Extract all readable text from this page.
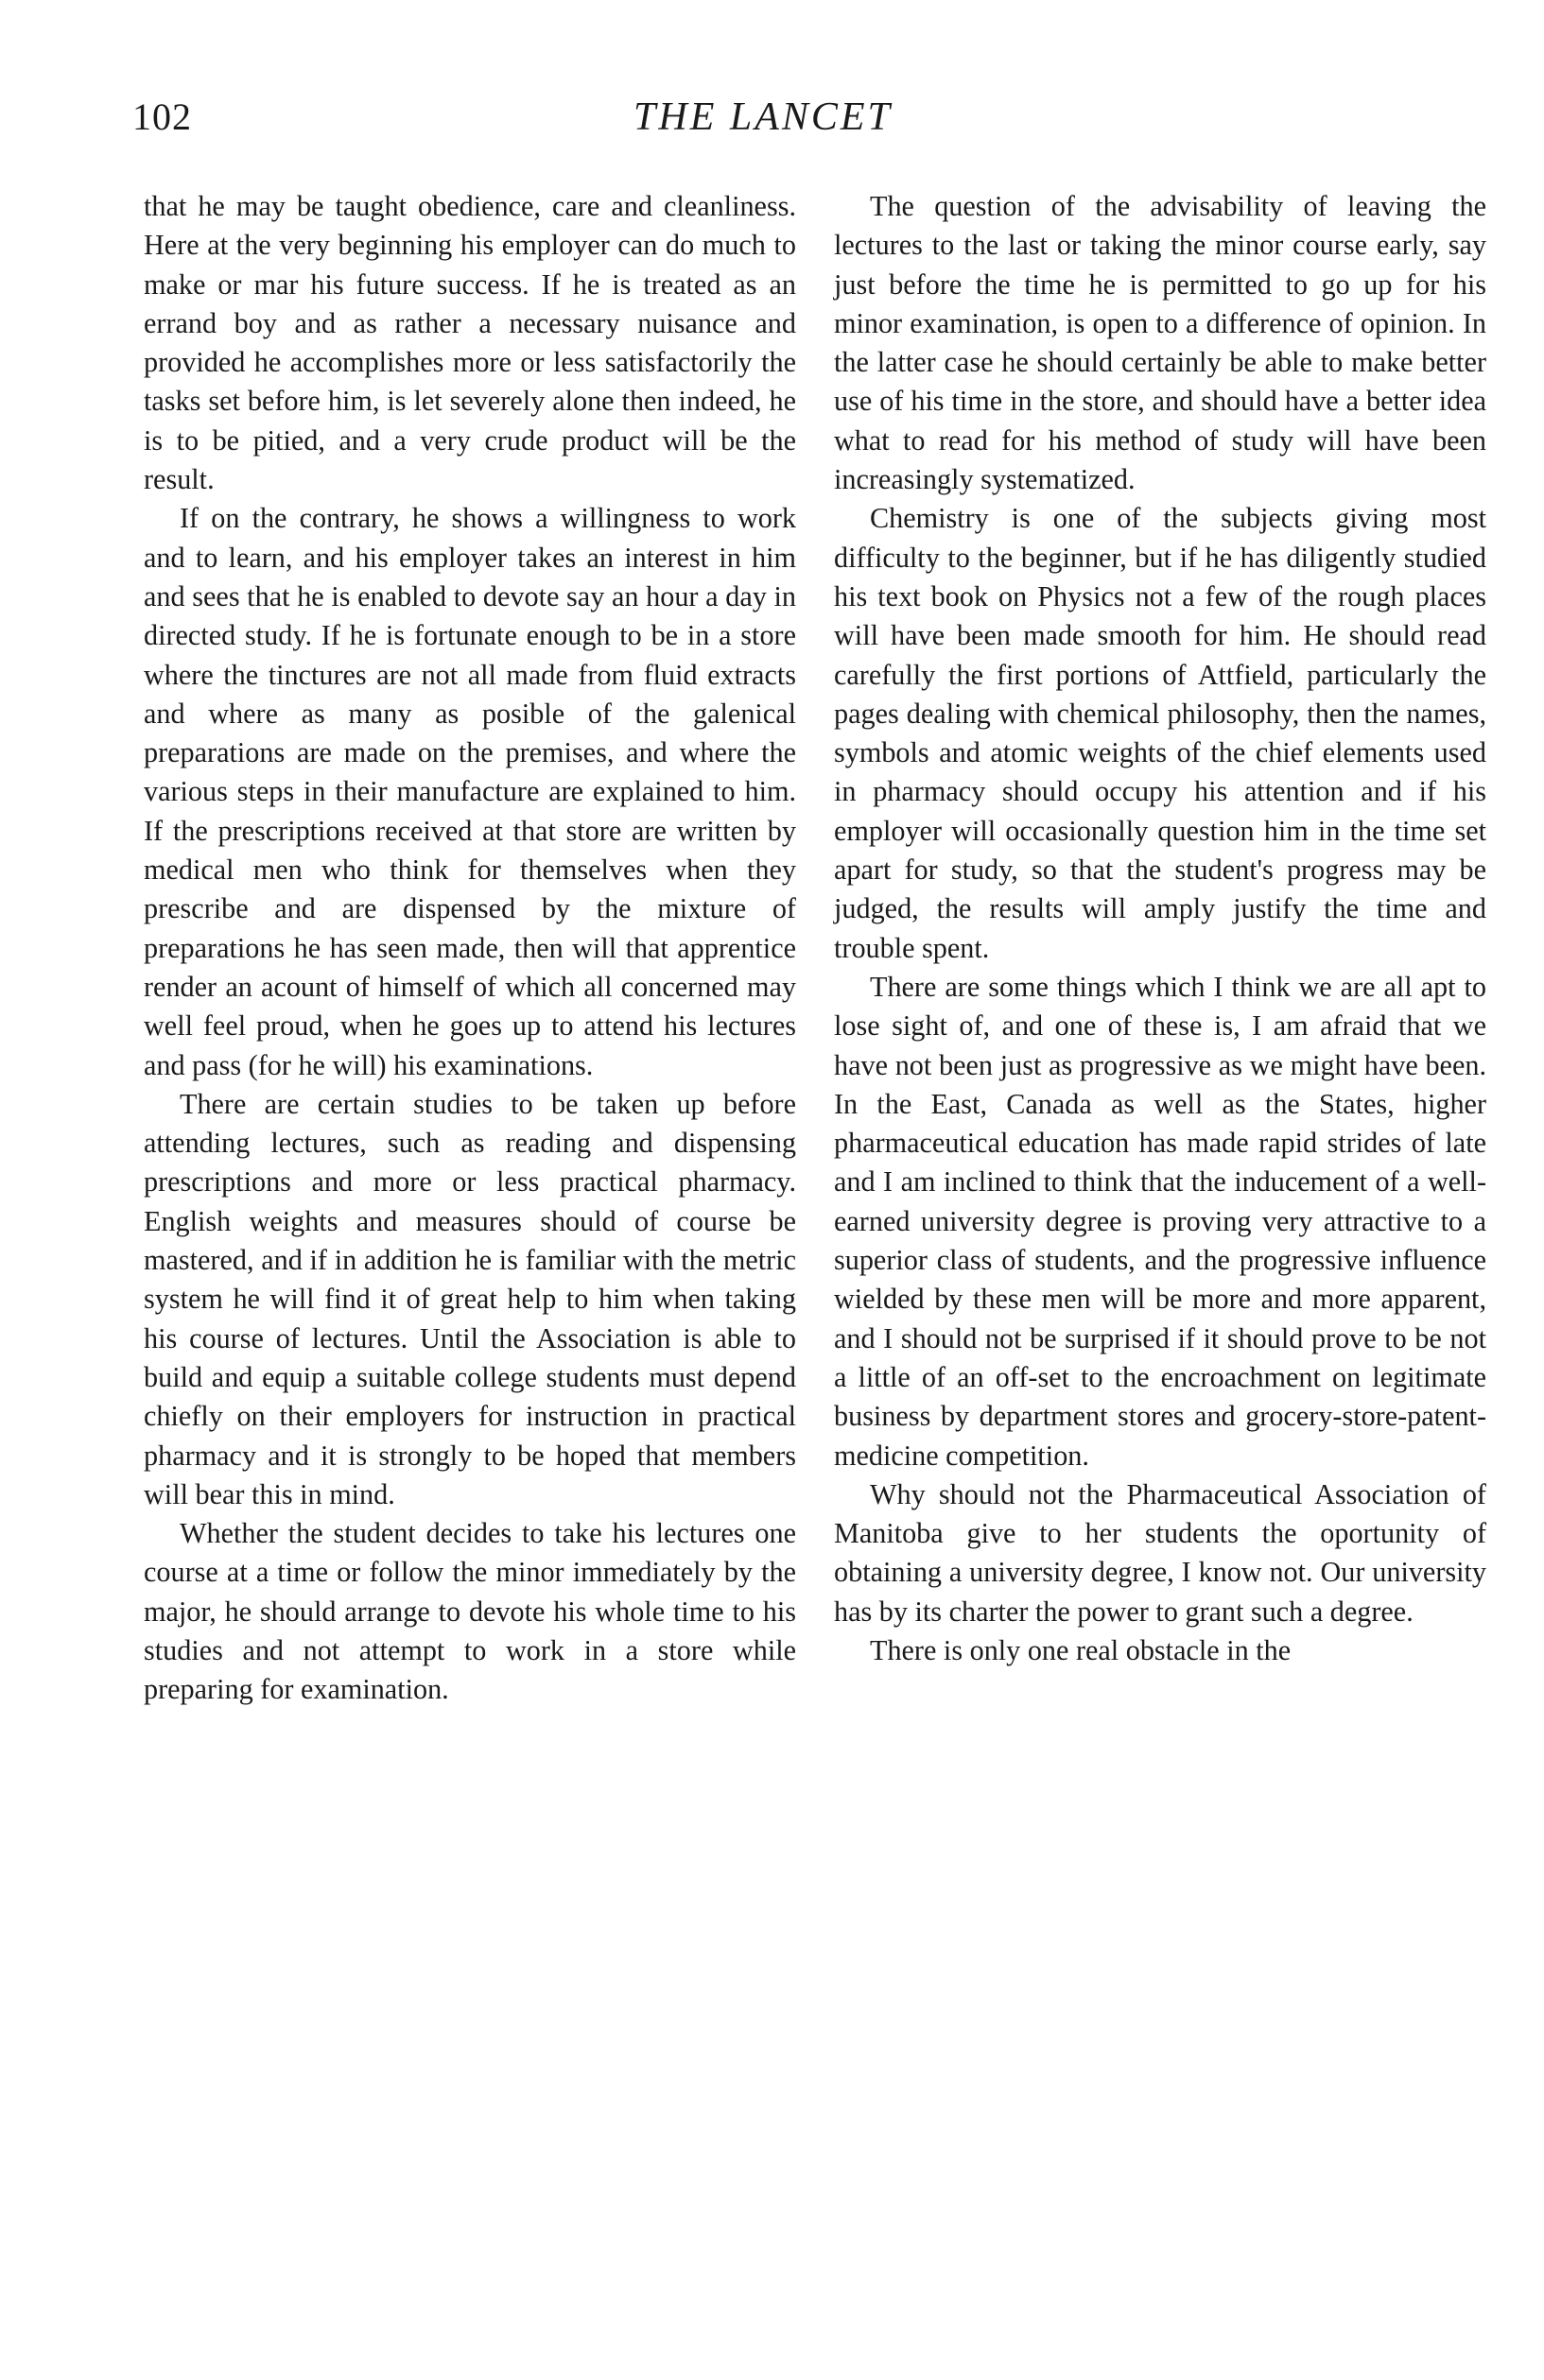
102	THE LANCET

that he may be taught obedience, care and cleanliness. Here at the very beginning his employer can do much to make or mar his future success. If he is treated as an errand boy and as rather a necessary nuisance and provided he accomplishes more or less satisfactorily the tasks set before him, is let severely alone then indeed, he is to be pitied, and a very crude product will be the result.

If on the contrary, he shows a willingness to work and to learn, and his employer takes an interest in him and sees that he is enabled to devote say an hour a day in directed study. If he is fortunate enough to be in a store where the tinctures are not all made from fluid extracts and where as many as posible of the galenical preparations are made on the premises, and where the various steps in their manufacture are explained to him. If the prescriptions received at that store are written by medical men who think for themselves when they prescribe and are dispensed by the mixture of preparations he has seen made, then will that apprentice render an acount of himself of which all concerned may well feel proud, when he goes up to attend his lectures and pass (for he will) his examinations.

There are certain studies to be taken up before attending lectures, such as reading and dispensing prescriptions and more or less practical pharmacy. English weights and measures should of course be mastered, and if in addition he is familiar with the metric system he will find it of great help to him when taking his course of lectures. Until the Association is able to build and equip a suitable college students must depend chiefly on their employers for instruction in practical pharmacy and it is strongly to be hoped that members will bear this in mind.

Whether the student decides to take his lectures one course at a time or follow the minor immediately by the major, he should arrange to devote his whole time to his studies and not attempt to work in a store while preparing for examination.

The question of the advisability of leaving the lectures to the last or taking the minor course early, say just before the time he is permitted to go up for his minor examination, is open to a difference of opinion. In the latter case he should certainly be able to make better use of his time in the store, and should have a better idea what to read for his method of study will have been increasingly systematized.

Chemistry is one of the subjects giving most difficulty to the beginner, but if he has diligently studied his text book on Physics not a few of the rough places will have been made smooth for him. He should read carefully the first portions of Attfield, particularly the pages dealing with chemical philosophy, then the names, symbols and atomic weights of the chief elements used in pharmacy should occupy his attention and if his employer will occasionally question him in the time set apart for study, so that the student's progress may be judged, the results will amply justify the time and trouble spent.

There are some things which I think we are all apt to lose sight of, and one of these is, I am afraid that we have not been just as progressive as we might have been. In the East, Canada as well as the States, higher pharmaceutical education has made rapid strides of late and I am inclined to think that the inducement of a well-earned university degree is proving very attractive to a superior class of students, and the progressive influence wielded by these men will be more and more apparent, and I should not be surprised if it should prove to be not a little of an off-set to the encroachment on legitimate business by department stores and grocery-store-patent-medicine competition.

Why should not the Pharmaceutical Association of Manitoba give to her students the oportunity of obtaining a university degree, I know not. Our university has by its charter the power to grant such a degree.

There is only one real obstacle in the
